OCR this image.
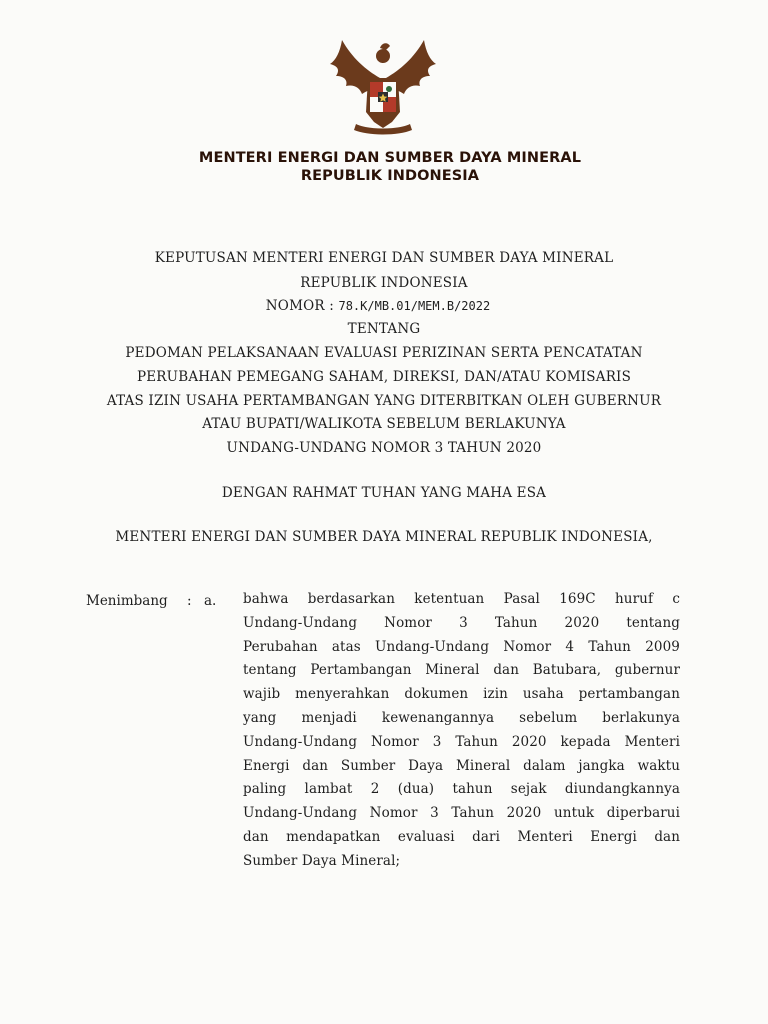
MENTERI ENERGI DAN SUMBER DAYA MINERAL
REPUBLIK INDONESIA
KEPUTUSAN MENTERI ENERGI DAN SUMBER DAYA MINERAL
REPUBLIK INDONESIA
NOMOR : 78.K/MB.01/MEM.B/2022
TENTANG
PEDOMAN PELAKSANAAN EVALUASI PERIZINAN SERTA PENCATATAN
PERUBAHAN PEMEGANG SAHAM, DIREKSI, DAN/ATAU KOMISARIS
ATAS IZIN USAHA PERTAMBANGAN YANG DITERBITKAN OLEH GUBERNUR
ATAU BUPATI/WALIKOTA SEBELUM BERLAKUNYA
UNDANG-UNDANG NOMOR 3 TAHUN 2020
DENGAN RAHMAT TUHAN YANG MAHA ESA
MENTERI ENERGI DAN SUMBER DAYA MINERAL REPUBLIK INDONESIA,
Menimbang : a. bahwa berdasarkan ketentuan Pasal 169C huruf c
Undang-Undang Nomor 3 Tahun 2020 tentang
Perubahan atas Undang-Undang Nomor 4 Tahun 2009
tentang Pertambangan Mineral dan Batubara, gubernur
wajib menyerahkan dokumen izin usaha pertambangan
yang menjadi kewenangannya sebelum berlakunya
Undang-Undang Nomor 3 Tahun 2020 kepada Menteri
Energi dan Sumber Daya Mineral dalam jangka waktu
paling lambat 2 (dua) tahun sejak diundangkannya
Undang-Undang Nomor 3 Tahun 2020 untuk diperbarui
dan mendapatkan evaluasi dari Menteri Energi dan
Sumber Daya Mineral;
